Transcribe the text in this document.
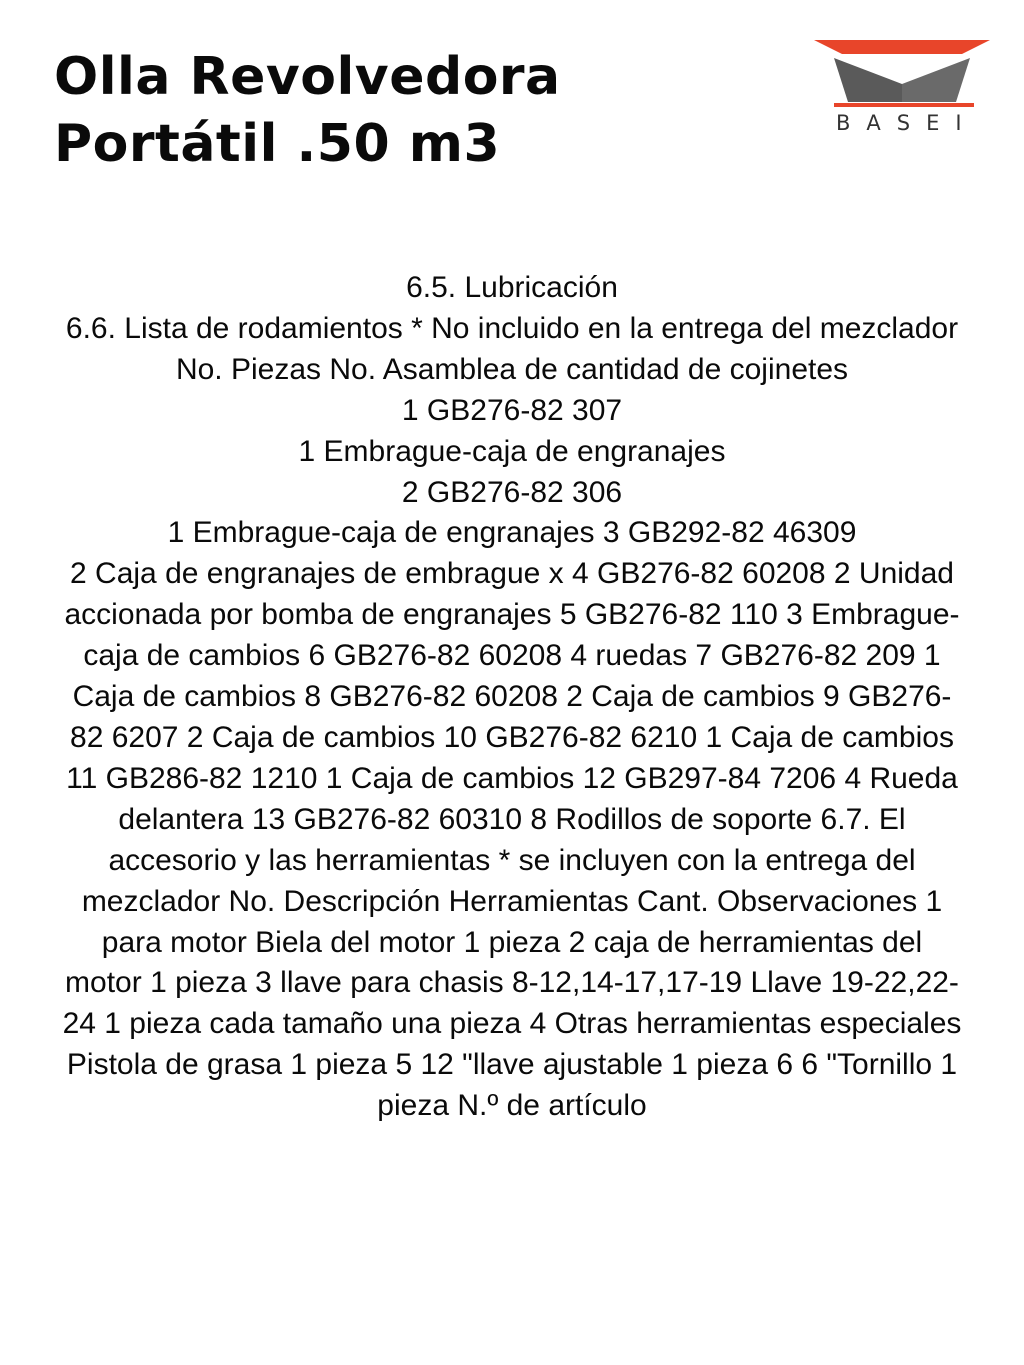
Olla Revolvedora
Portátil .50 m3	BASEI

6.5. Lubricación

6.6. Lista de rodamientos * No incluido en la entrega del mezclador

No. Piezas No. Asamblea de cantidad de cojinetes

1 GB276-82 307

1 Embrague-caja de engranajes

2 GB276-82 306

1 Embrague-caja de engranajes 3 GB292-82 46309

2 Caja de engranajes de embrague x 4 GB276-82 60208 2 Unidad accionada por bomba de engranajes 5 GB276-82 110 3 Embrague-caja de cambios 6 GB276-82 60208 4 ruedas 7 GB276-82 209 1 Caja de cambios 8 GB276-82 60208 2 Caja de cambios 9 GB276-82 6207 2 Caja de cambios 10 GB276-82 6210 1 Caja de cambios 11 GB286-82 1210 1 Caja de cambios 12 GB297-84 7206 4 Rueda delantera 13 GB276-82 60310 8 Rodillos de soporte 6.7. El accesorio y las herramientas * se incluyen con la entrega del mezclador No. Descripción Herramientas Cant. Observaciones 1 para motor Biela del motor 1 pieza 2 caja de herramientas del motor 1 pieza 3 llave para chasis 8-12,14-17,17-19 Llave 19-22,22-24 1 pieza cada tamaño una pieza 4 Otras herramientas especiales Pistola de grasa 1 pieza 5 12 "llave ajustable 1 pieza 6 6 "Tornillo 1 pieza N.º de artículo
